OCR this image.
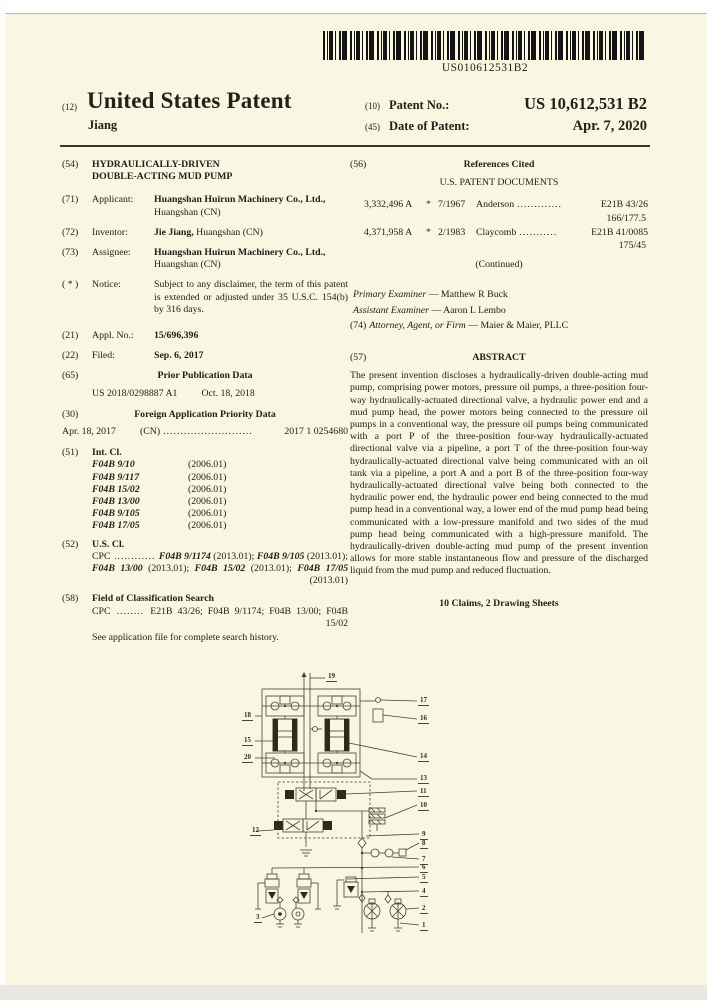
US010612531B2
(12) United States Patent
Jiang
(10) Patent No.:	US 10,612,531 B2
(45) Date of Patent:	Apr. 7, 2020
(54)	HYDRAULICALLY-DRIVEN
DOUBLE-ACTING MUD PUMP
(71)	Applicant:	Huangshan Huirun Machinery Co., Ltd., Huangshan (CN)
(72)	Inventor:	Jie Jiang, Huangshan (CN)
(73)	Assignee:	Huangshan Huirun Machinery Co., Ltd., Huangshan (CN)
( * )	Notice:	Subject to any disclaimer, the term of this patent is extended or adjusted under 35 U.S.C. 154(b) by 316 days.
(21)	Appl. No.:	15/696,396
(22)	Filed:	Sep. 6, 2017
(65)	Prior Publication Data
US 2018/0298887 A1 Oct. 18, 2018
(30)	Foreign Application Priority Data
Apr. 18, 2017	(CN) ..........................	2017 1 0254680
(51)	Int. Cl.
F04B 9/10	(2006.01)
F04B 9/117	(2006.01)
F04B 15/02	(2006.01)
F04B 13/00	(2006.01)
F04B 9/105	(2006.01)
F04B 17/05	(2006.01)
(52)	U.S. Cl.
CPC ............ F04B 9/1174 (2013.01); F04B 9/105 (2013.01); F04B 13/00 (2013.01); F04B 15/02 (2013.01); F04B 17/05 (2013.01)
(58)	Field of Classification Search
CPC ........ E21B 43/26; F04B 9/1174; F04B 13/00; F04B 15/02
See application file for complete search history.
(56)	References Cited
U.S. PATENT DOCUMENTS
3,332,496 A	* 7/1967	Anderson .............	E21B 43/26
166/177.5
4,371,958 A	* 2/1983	Claycomb ...........	E21B 41/0085
175/45
(Continued)
Primary Examiner — Matthew R Buck
Assistant Examiner — Aaron L Lembo
(74) Attorney, Agent, or Firm — Maier & Maier, PLLC
(57)	ABSTRACT
The present invention discloses a hydraulically-driven double-acting mud pump, comprising power motors, pressure oil pumps, a three-position four-way hydraulically-actuated directional valve, a hydraulic power end and a mud pump head, the power motors being connected to the pressure oil pumps in a conventional way, the pressure oil pumps being communicated with a port P of the three-position four-way hydraulically-actuated directional valve via a pipeline, a port T of the three-position four-way hydraulically-actuated directional valve being communicated with an oil tank via a pipeline, a port A and a port B of the three-position four-way hydraulically-actuated directional valve being both connected to the hydraulic power end, the hydraulic power end being connected to the mud pump head in a conventional way, a lower end of the mud pump head being communicated with a low-pressure manifold and two sides of the mud pump head being communicated with a high-pressure manifold. The hydraulically-driven double-acting mud pump of the present invention allows for more stable instantaneous flow and pressure of the discharged liquid from the mud pump and reduced fluctuation.
10 Claims, 2 Drawing Sheets
19
18
15
20
12
3
17
16
14
13
11
10
9
8
7
6
5
4
2
1
